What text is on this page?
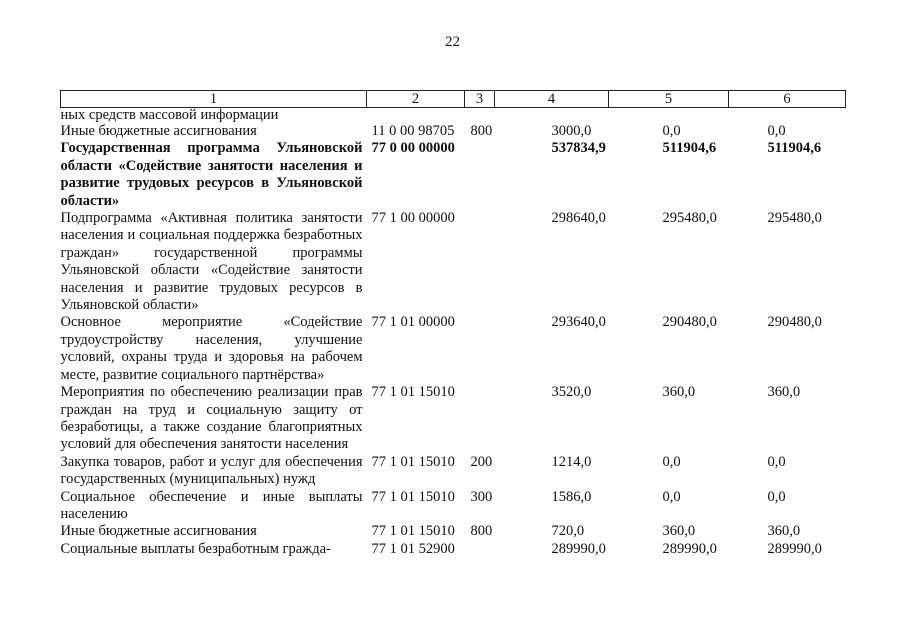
22
1	2	3	4	5	6
ных средств массовой информации					
Иные бюджетные ассигнования	11 0 00 98705	800	3000,0	0,0	0,0
Государственная программа Ульяновской области «Содействие занятости населения и развитие трудовых ресурсов в Ульяновской области»	77 0 00 00000		537834,9	511904,6	511904,6
Подпрограмма «Активная политика занятости населения и социальная поддержка безработных граждан» государственной программы Ульяновской области «Содействие занятости населения и развитие трудовых ресурсов в Ульяновской области»	77 1 00 00000		298640,0	295480,0	295480,0
Основное мероприятие «Содействие трудоустройству населения, улучшение условий, охраны труда и здоровья на рабочем месте, развитие социального партнёрства»	77 1 01 00000		293640,0	290480,0	290480,0
Мероприятия по обеспечению реализации прав граждан на труд и социальную защиту от безработицы, а также создание благоприятных условий для обеспечения занятости населения	77 1 01 15010		3520,0	360,0	360,0
Закупка товаров, работ и услуг для обеспечения государственных (муниципальных) нужд	77 1 01 15010	200	1214,0	0,0	0,0
Социальное обеспечение и иные выплаты населению	77 1 01 15010	300	1586,0	0,0	0,0
Иные бюджетные ассигнования	77 1 01 15010	800	720,0	360,0	360,0
Социальные выплаты безработным гражда-	77 1 01 52900		289990,0	289990,0	289990,0
